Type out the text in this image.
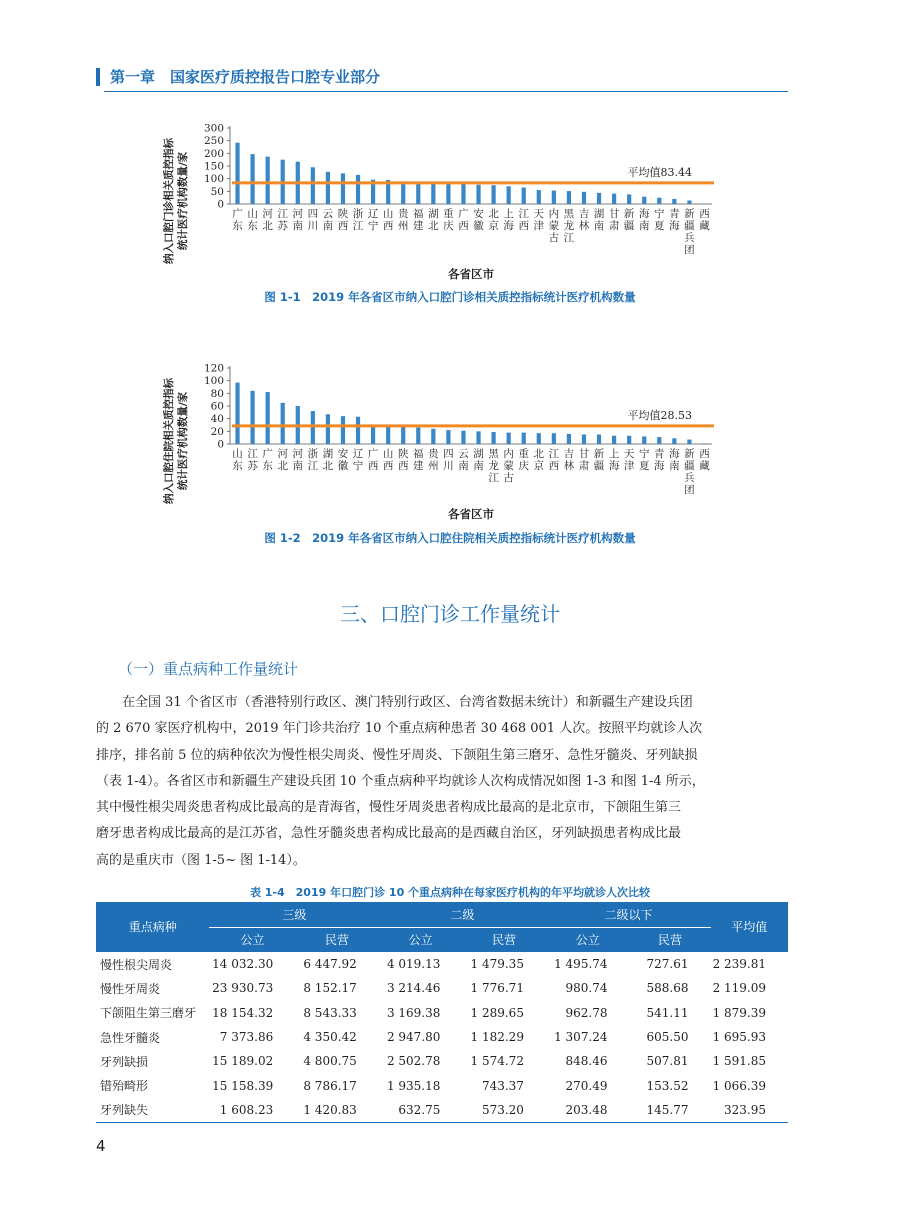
第一章　国家医疗质控报告口腔专业部分
0
50
100
150
200
250
300
广东
山东
河北
江苏
河南
四川
云南
陕西
浙江
辽宁
山西
贵州
福建
湖北
重庆
广西
安徽
北京
上海
江西
天津
内蒙古
黑龙江
吉林
湖南
甘肃
新疆
海南
宁夏
青海
新疆兵团
西藏
平均值83.44
纳入口腔门诊相关质控指标 统计医疗机构数量/家
各省区市
图 1-1　2019 年各省区市纳入口腔门诊相关质控指标统计医疗机构数量
0
20
40
60
80
100
120
山东
江苏
广东
河北
河南
浙江
湖北
安徽
辽宁
广西
山西
陕西
福建
贵州
四川
云南
湖南
黑龙江
内蒙古
重庆
北京
江西
吉林
甘肃
新疆
上海
天津
宁夏
青海
海南
新疆兵团
西藏
平均值28.53
纳入口腔住院相关质控指标 统计医疗机构数量/家
各省区市
图 1-2　2019 年各省区市纳入口腔住院相关质控指标统计医疗机构数量
三、口腔门诊工作量统计
（一）重点病种工作量统计
　　在全国 31 个省区市（香港特别行政区、澳门特别行政区、台湾省数据未统计）和新疆生产建设兵团
的 2 670 家医疗机构中，2019 年门诊共治疗 10 个重点病种患者 30 468 001 人次。按照平均就诊人次
排序，排名前 5 位的病种依次为慢性根尖周炎、慢性牙周炎、下颌阻生第三磨牙、急性牙髓炎、牙列缺损
（表 1-4）。各省区市和新疆生产建设兵团 10 个重点病种平均就诊人次构成情况如图 1-3 和图 1-4 所示，
其中慢性根尖周炎患者构成比最高的是青海省，慢性牙周炎患者构成比最高的是北京市，下颌阻生第三
磨牙患者构成比最高的是江苏省，急性牙髓炎患者构成比最高的是西藏自治区，牙列缺损患者构成比最
高的是重庆市（图 1-5~ 图 1-14）。
表 1-4　2019 年口腔门诊 10 个重点病种在每家医疗机构的年平均就诊人次比较
重点病种	三级		二级		二级以下		平均值
	公立	民营	公立	民营	公立	民营	
慢性根尖周炎	14 032.30	6 447.92	4 019.13	1 479.35	1 495.74	727.61	2 239.81
慢性牙周炎	23 930.73	8 152.17	3 214.46	1 776.71	980.74	588.68	2 119.09
下颌阻生第三磨牙	18 154.32	8 543.33	3 169.38	1 289.65	962.78	541.11	1 879.39
急性牙髓炎	7 373.86	4 350.42	2 947.80	1 182.29	1 307.24	605.50	1 695.93
牙列缺损	15 189.02	4 800.75	2 502.78	1 574.72	848.46	507.81	1 591.85
错殆畸形	15 158.39	8 786.17	1 935.18	743.37	270.49	153.52	1 066.39
牙列缺失	1 608.23	1 420.83	632.75	573.20	203.48	145.77	323.95
4
